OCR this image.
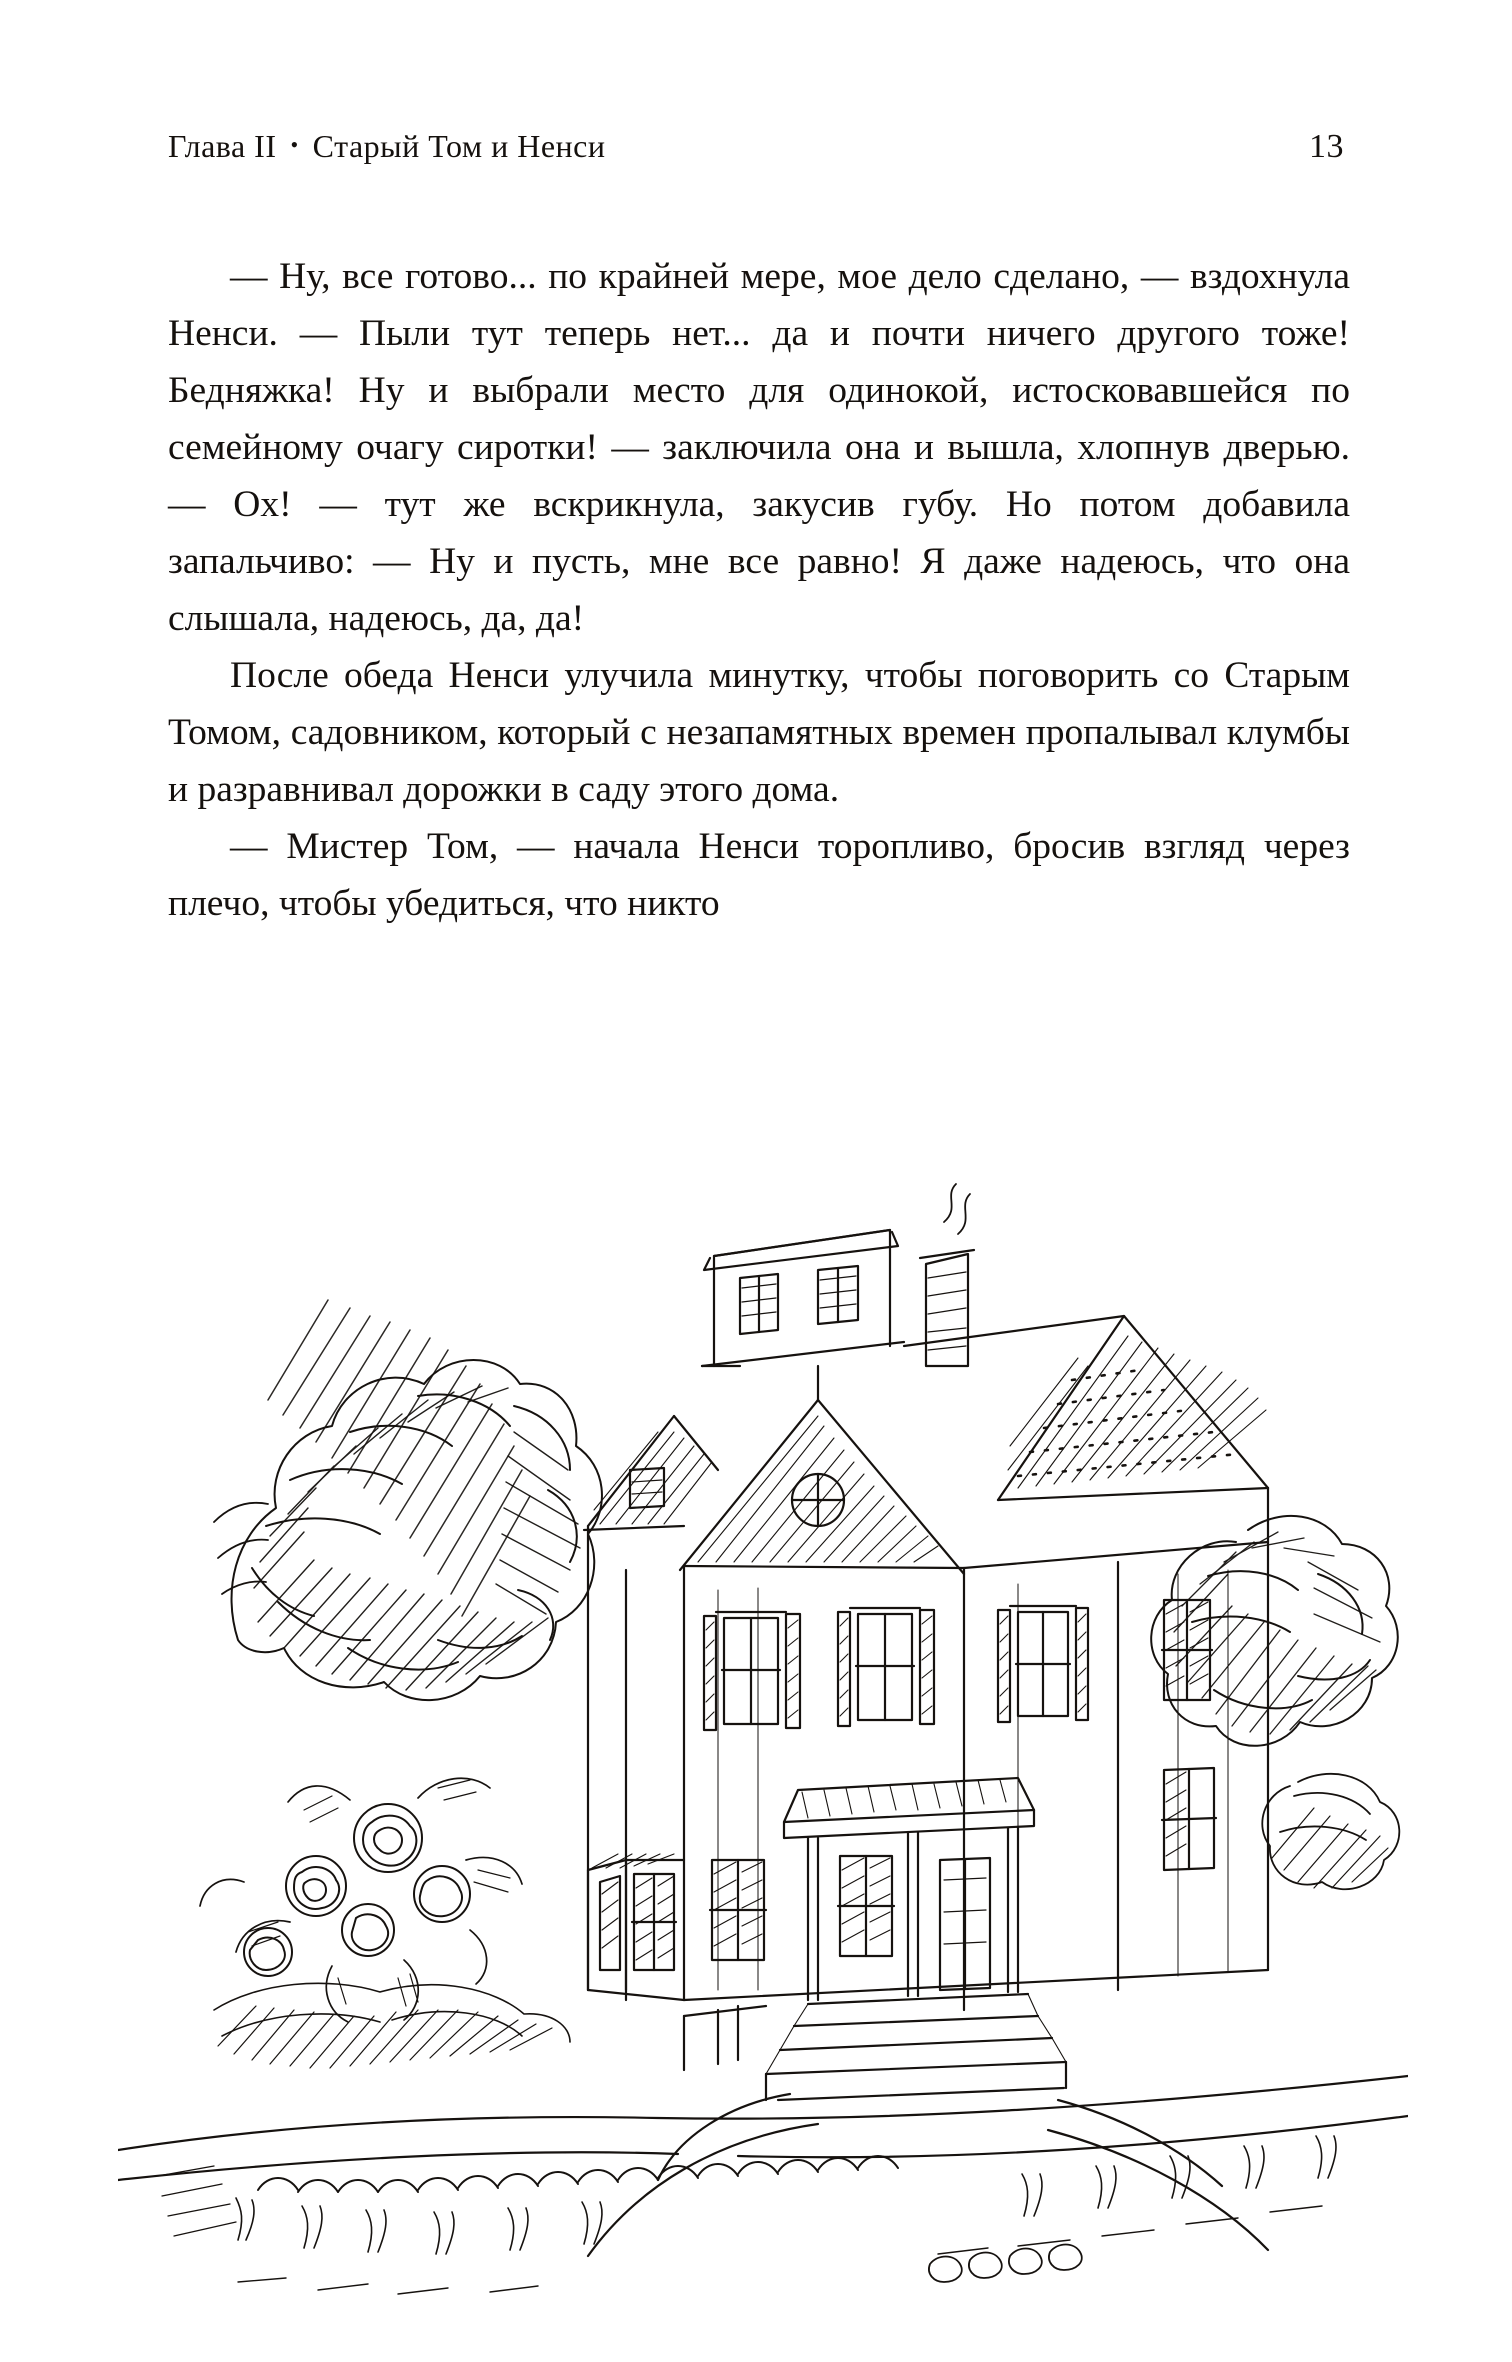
Глава II • Старый Том и Ненси	13

— Ну, все готово... по крайней мере, мое дело сделано, — вздохнула Ненси. — Пыли тут теперь нет... да и почти ничего другого тоже! Бедняжка! Ну и выбрали место для одинокой, истосковавшейся по семейному очагу сиротки! — заключила она и вышла, хлопнув дверью. — Ох! — тут же вскрикнула, закусив губу. Но потом добавила запальчиво: — Ну и пусть, мне все равно! Я даже надеюсь, что она слышала, надеюсь, да, да!

После обеда Ненси улучила минутку, чтобы поговорить со Старым Томом, садовником, который с незапамятных времен пропалывал клумбы и разравнивал дорожки в саду этого дома.

— Мистер Том, — начала Ненси торопливо, бросив взгляд через плечо, чтобы убедиться, что никто
